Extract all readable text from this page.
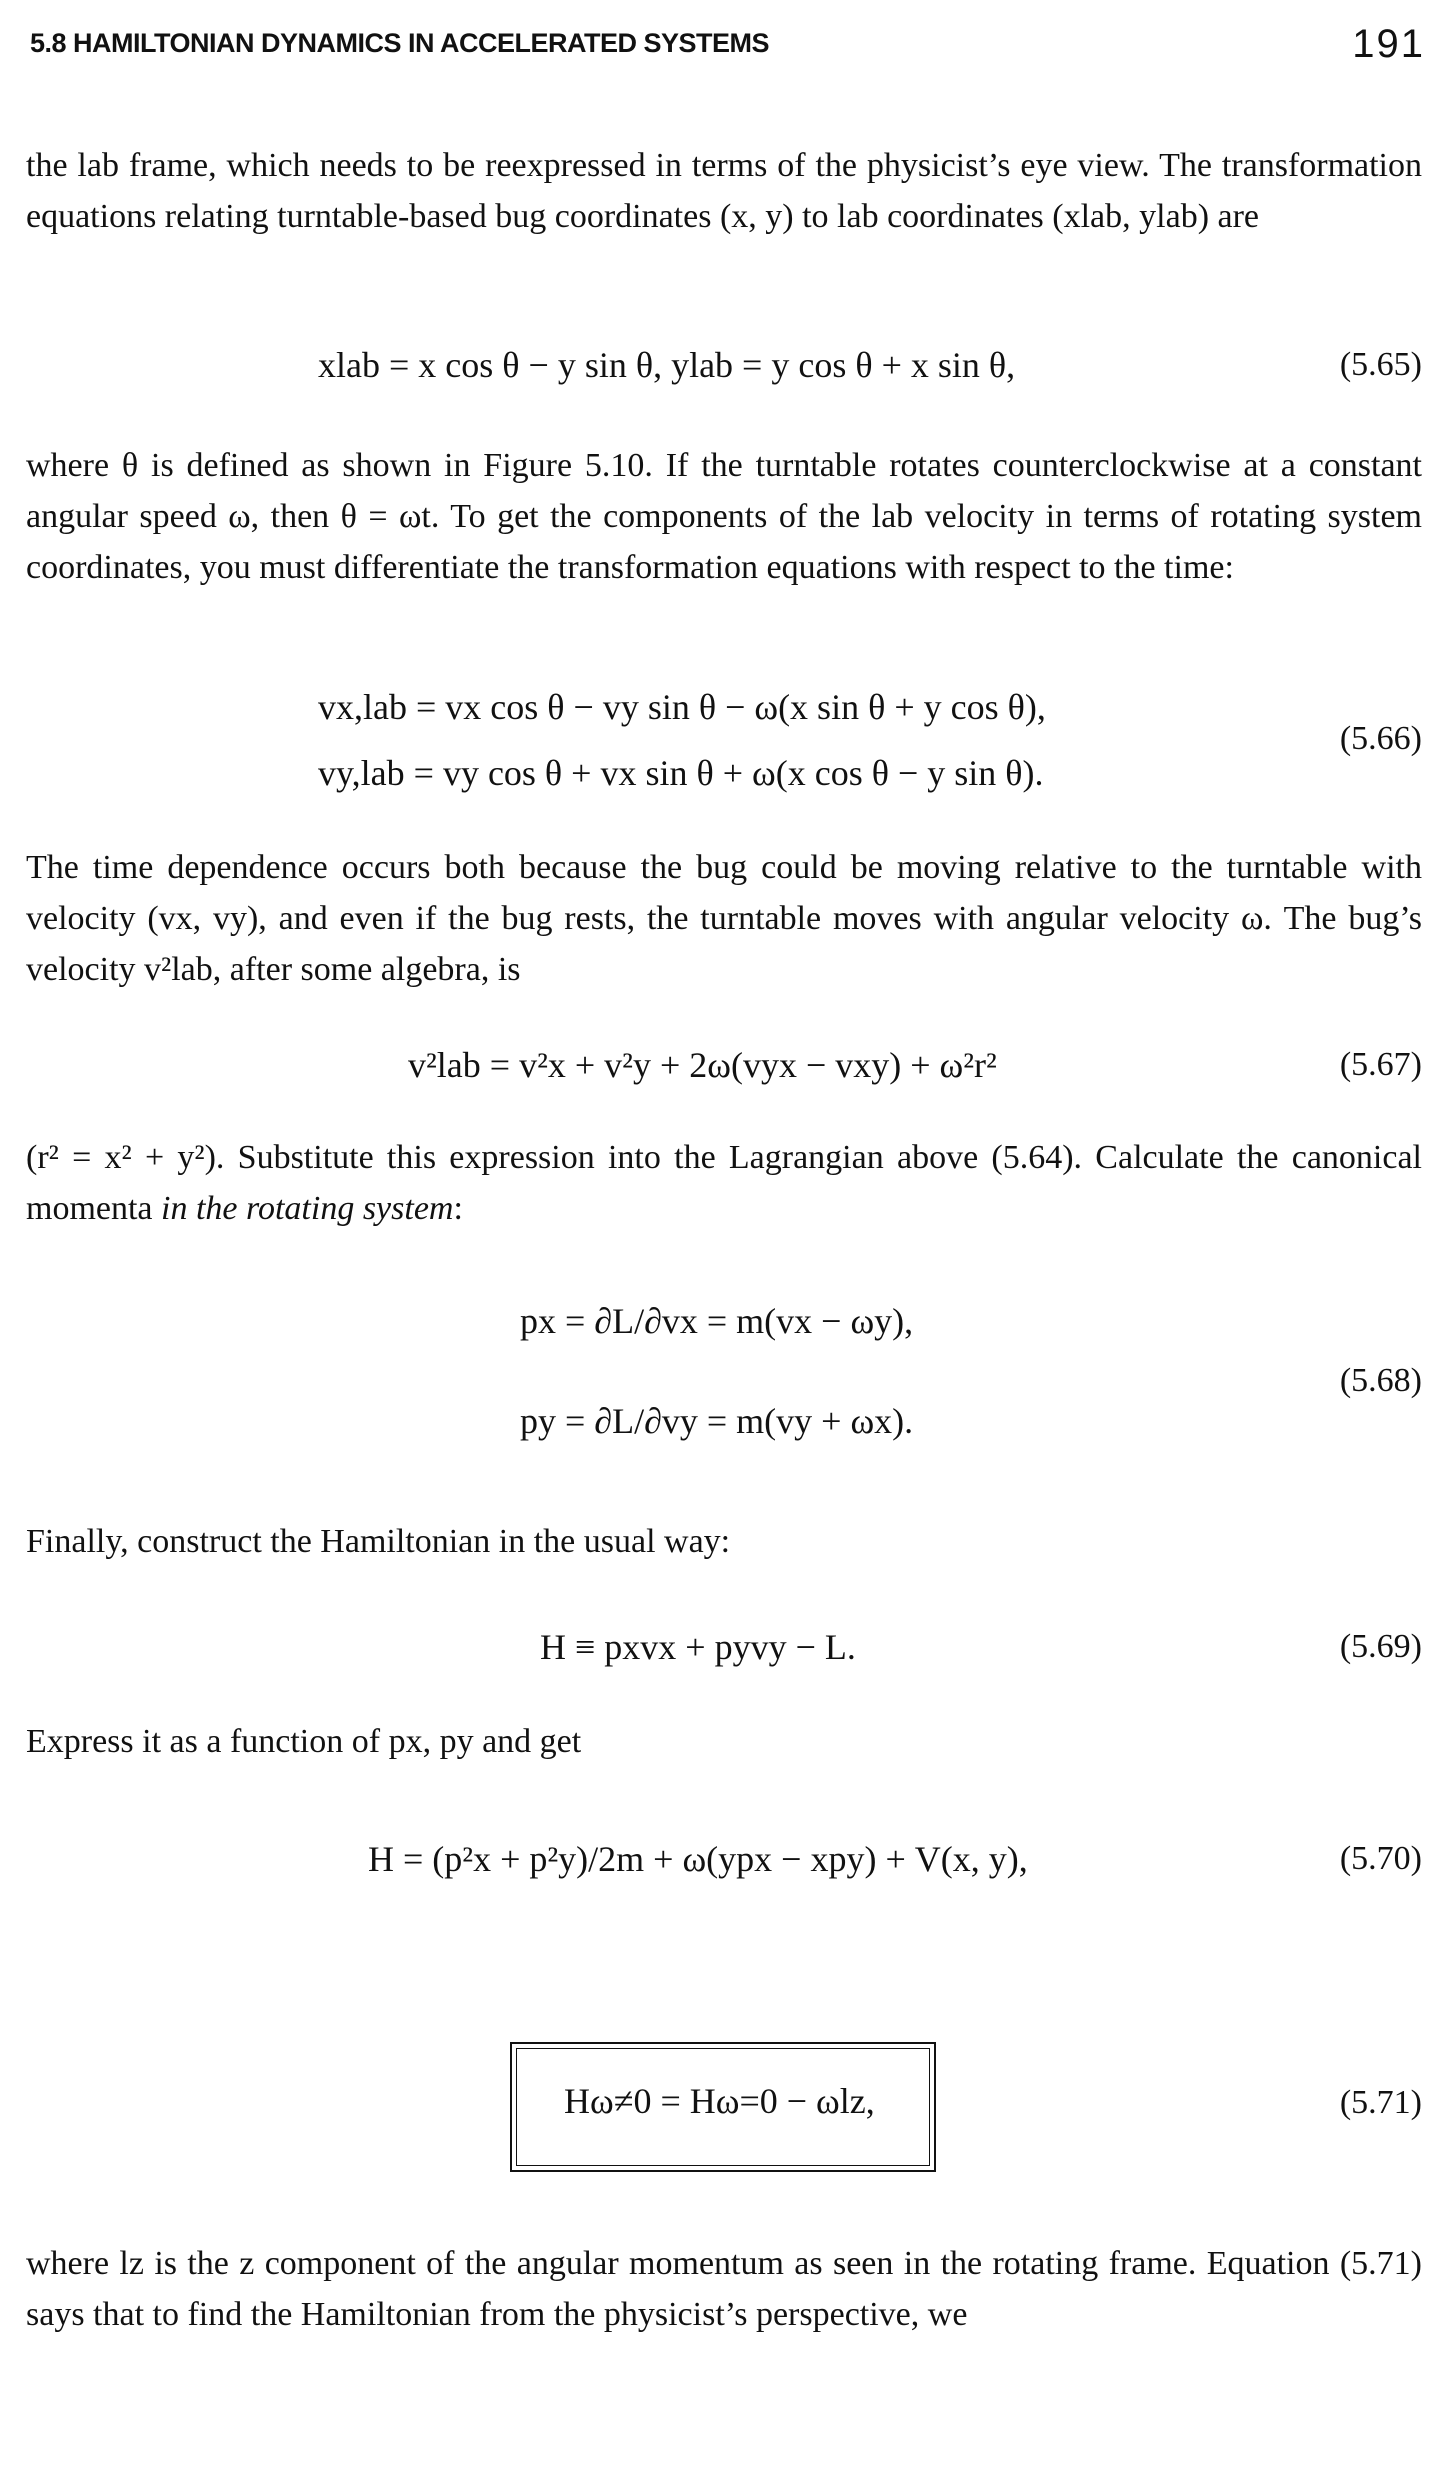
5.8 HAMILTONIAN DYNAMICS IN ACCELERATED SYSTEMS	191

the lab frame, which needs to be reexpressed in terms of the physicist’s eye view. The transformation equations relating turntable-based bug coordinates (x, y) to lab coordinates (xlab, ylab) are

xlab = x cos θ − y sin θ, ylab = y cos θ + x sin θ,	(5.65)

where θ is defined as shown in Figure 5.10. If the turntable rotates counterclockwise at a constant angular speed ω, then θ = ωt. To get the components of the lab velocity in terms of rotating system coordinates, you must differentiate the transformation equations with respect to the time:

vx,lab = vx cos θ − vy sin θ − ω(x sin θ + y cos θ),
vy,lab = vy cos θ + vx sin θ + ω(x cos θ − y sin θ).
(5.66)

The time dependence occurs both because the bug could be moving relative to the turntable with velocity (vx, vy), and even if the bug rests, the turntable moves with angular velocity ω. The bug’s velocity v²lab, after some algebra, is

v²lab = v²x + v²y + 2ω(vyx − vxy) + ω²r²	(5.67)

(r² = x² + y²). Substitute this expression into the Lagrangian above (5.64). Calculate the canonical momenta in the rotating system:

px = ∂L/∂vx = m(vx − ωy),
py = ∂L/∂vy = m(vy + ωx).
(5.68)

Finally, construct the Hamiltonian in the usual way:

H ≡ pxvx + pyvy − L.	(5.69)

Express it as a function of px, py and get

H = (p²x + p²y)/2m + ω(ypx − xpy) + V(x, y),	(5.70)
Hω≠0 = Hω=0 − ωlz,	(5.71)

where lz is the z component of the angular momentum as seen in the rotating frame. Equation (5.71) says that to find the Hamiltonian from the physicist’s perspective, we
